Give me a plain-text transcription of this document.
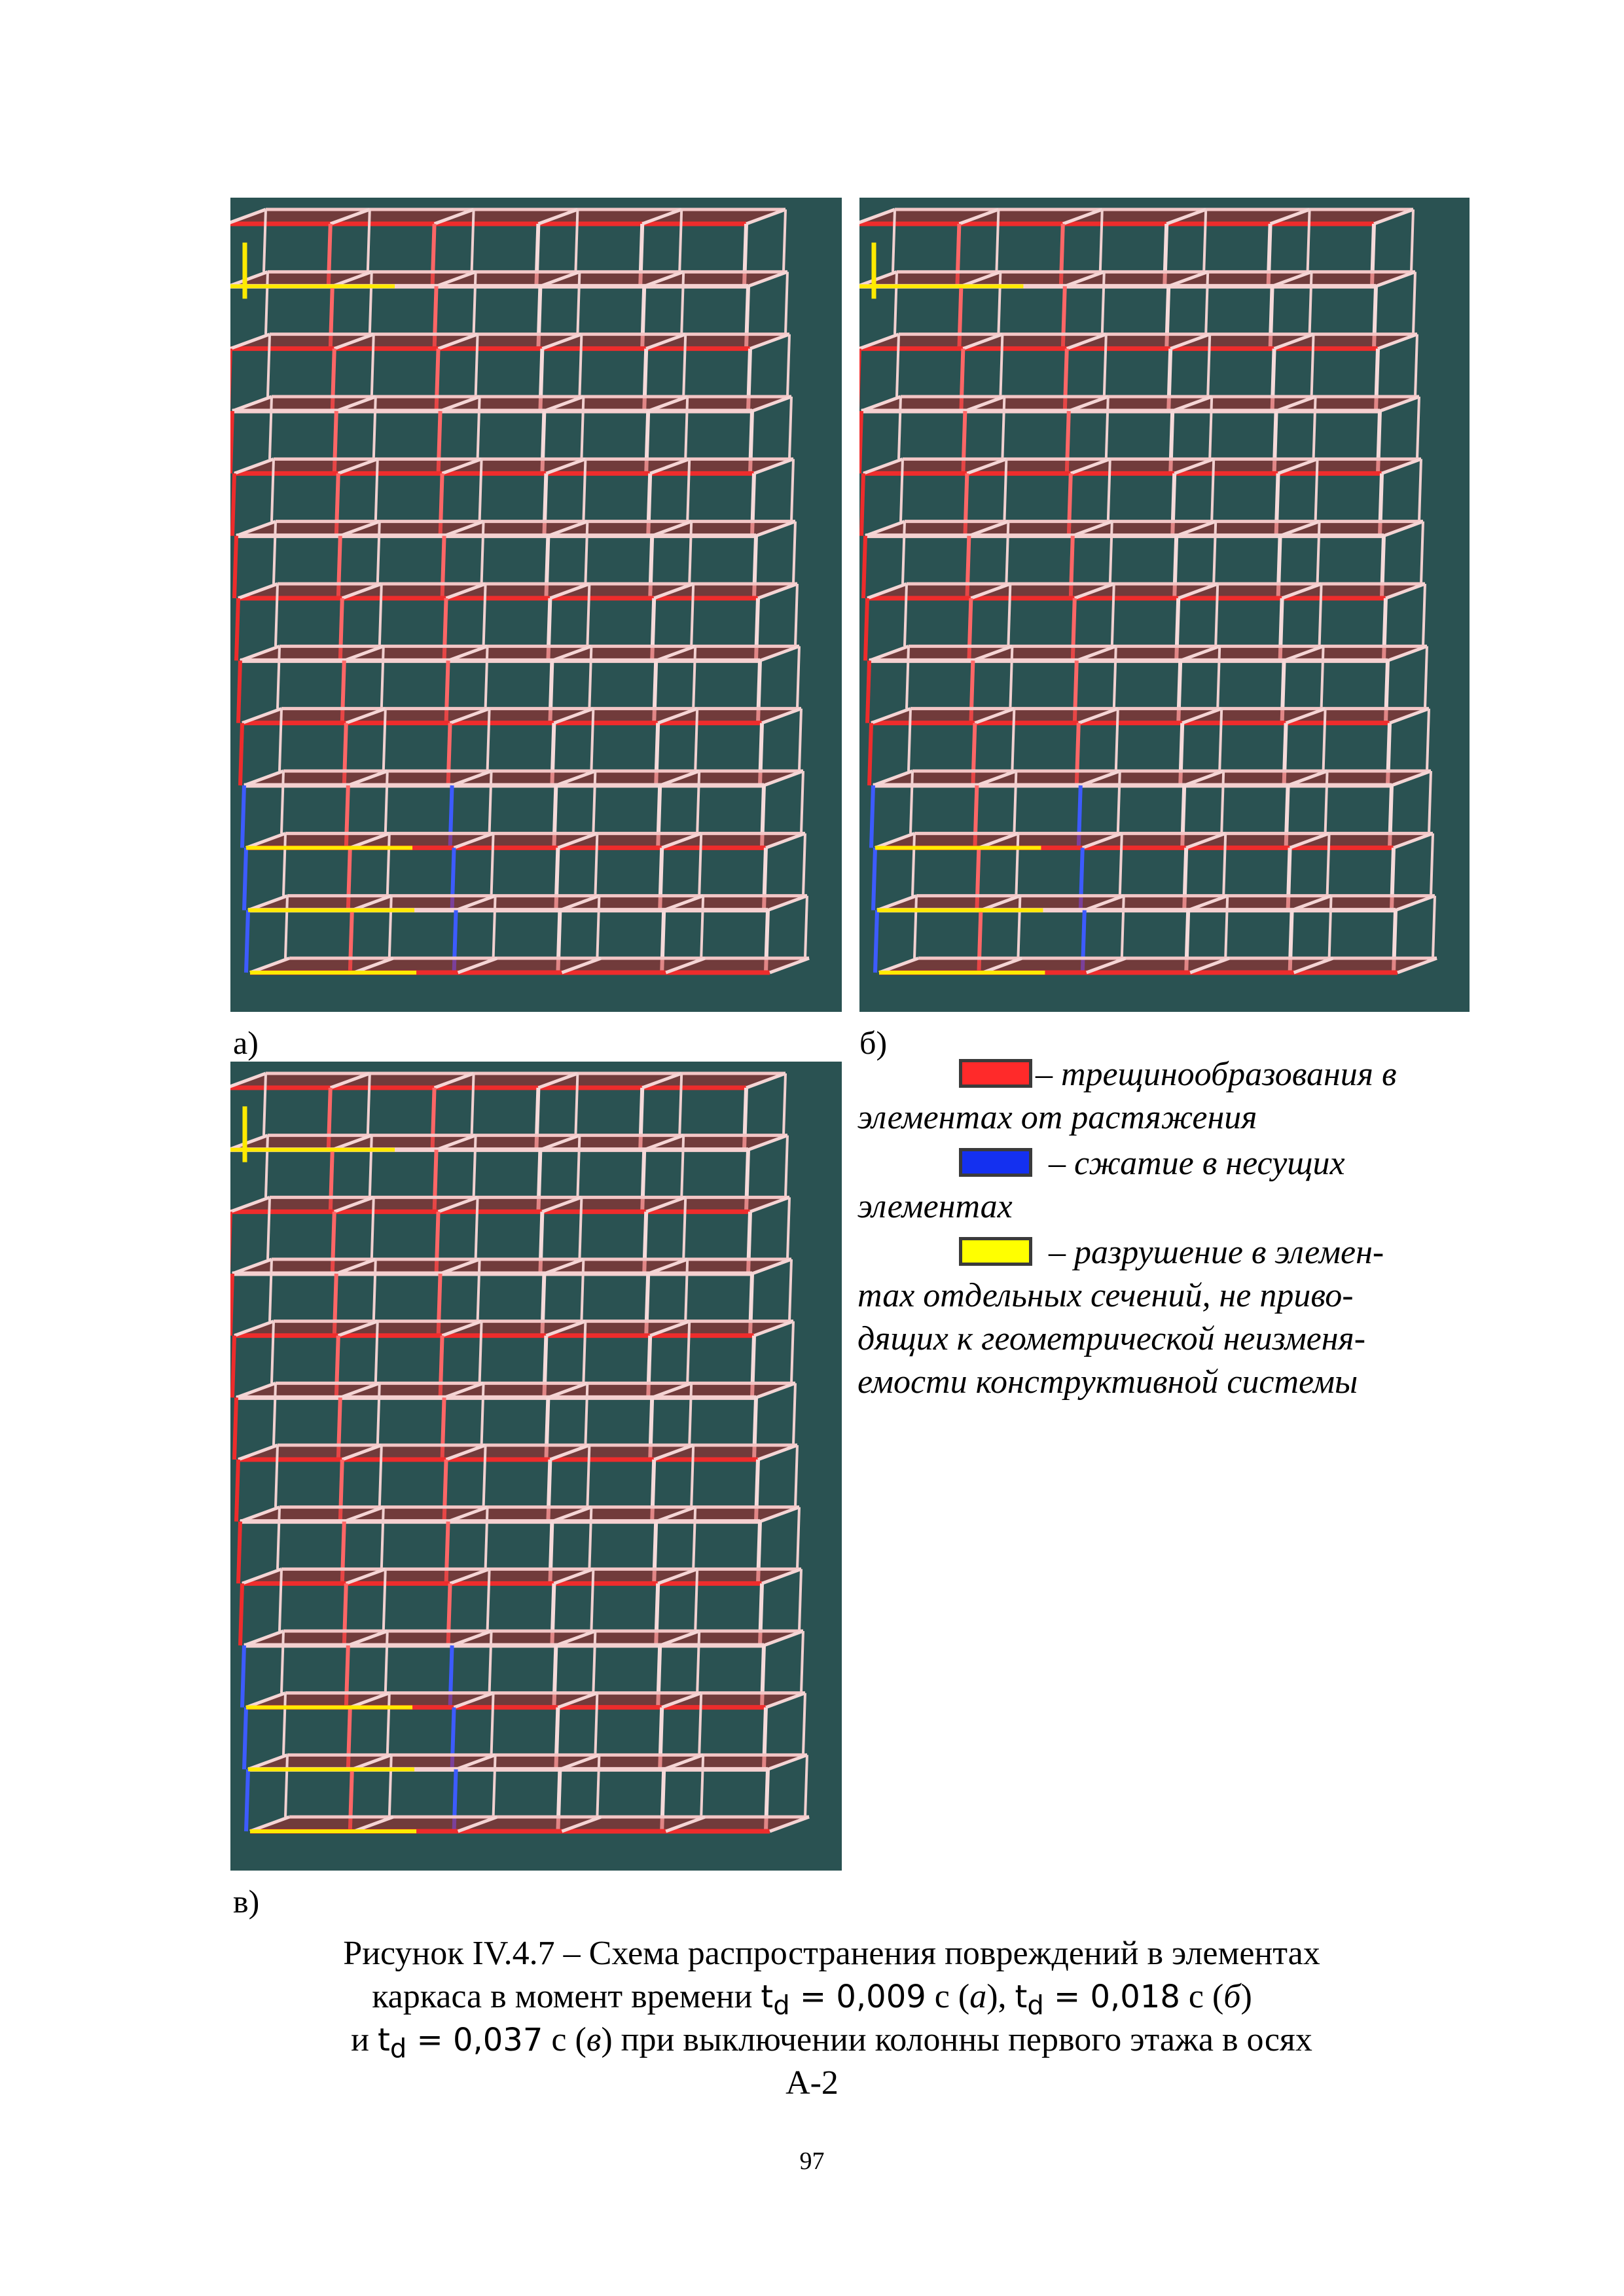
а)	б)
в)
– трещинообразования в
элементах от растяжения
– сжатие в несущих
элементах
– разрушение в элемен-
тах отдельных сечений, не приво-
дящих к геометрической неизменя-
емости конструктивной системы
Рисунок IV.4.7 – Схема распространения повреждений в элементах
каркаса в момент времени $t_d = 0,009$ с (а), $t_d = 0,018$ с (б)
и $t_d = 0,037$ с (в) при выключении колонны первого этажа в осях
А-2
97
